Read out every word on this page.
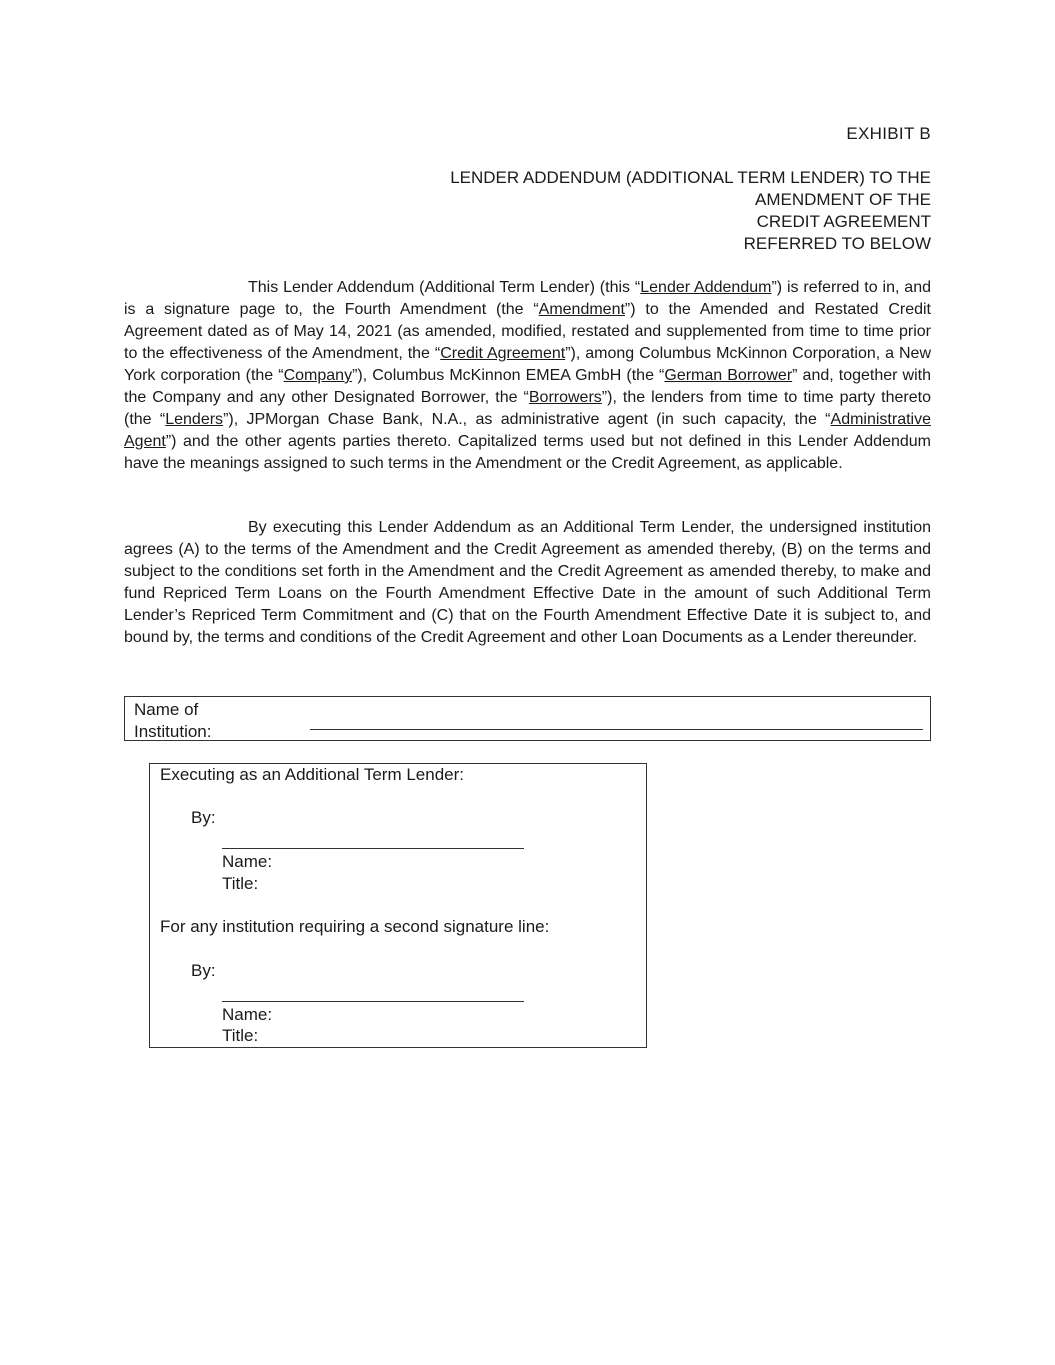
EXHIBIT B
LENDER ADDENDUM (ADDITIONAL TERM LENDER) TO THE
AMENDMENT OF THE
CREDIT AGREEMENT
REFERRED TO BELOW

This Lender Addendum (Additional Term Lender) (this “Lender Addendum”) is referred to in, and is a signature page to, the Fourth Amendment (the “Amendment”) to the Amended and Restated Credit Agreement dated as of May 14, 2021 (as amended, modified, restated and supplemented from time to time prior to the effectiveness of the Amendment, the “Credit Agreement”), among Columbus McKinnon Corporation, a New York corporation (the “Company”), Columbus McKinnon EMEA GmbH (the “German Borrower” and, together with the Company and any other Designated Borrower, the “Borrowers”), the lenders from time to time party thereto (the “Lenders”), JPMorgan Chase Bank, N.A., as administrative agent (in such capacity, the “Administrative Agent”) and the other agents parties thereto. Capitalized terms used but not defined in this Lender Addendum have the meanings assigned to such terms in the Amendment or the Credit Agreement, as applicable.

By executing this Lender Addendum as an Additional Term Lender, the undersigned institution agrees (A) to the terms of the Amendment and the Credit Agreement as amended thereby, (B) on the terms and subject to the conditions set forth in the Amendment and the Credit Agreement as amended thereby, to make and fund Repriced Term Loans on the Fourth Amendment Effective Date in the amount of such Additional Term Lender’s Repriced Term Commitment and (C) that on the Fourth Amendment Effective Date it is subject to, and bound by, the terms and conditions of the Credit Agreement and other Loan Documents as a Lender thereunder.

Name of
Institution:
Executing as an Additional Term Lender:
By:
Name:
Title:
For any institution requiring a second signature line:
By:
Name:
Title:
